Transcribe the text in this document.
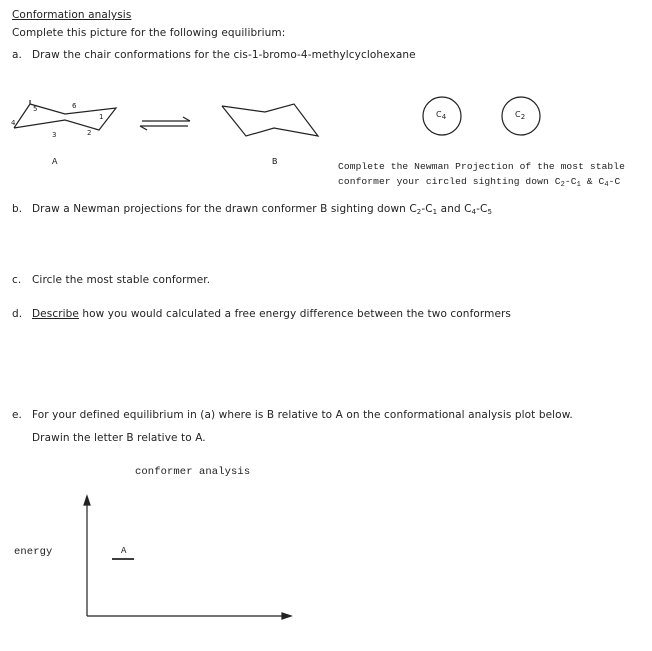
Conformation analysis
Complete this picture for the following equilibrium:
a. Draw the chair conformations for the cis-1-bromo-4-methylcyclohexane
5	6
1
4
3	2
$C_4$	$C_2$
A	B	Complete the Newman Projection of the most stable
conformer your circled sighting down $C_2-C_1$ & $C_4-C$
b. Draw a Newman projections for the drawn conformer B sighting down $C_2-C_1$ and $C_4-C_5$
c. Circle the most stable conformer.
d. Describe how you would calculated a free energy difference between the two conformers
e. For your defined equilibrium in (a) where is B relative to A on the conformational analysis plot below.
Drawin the letter B relative to A.
conformer analysis
energy	A
